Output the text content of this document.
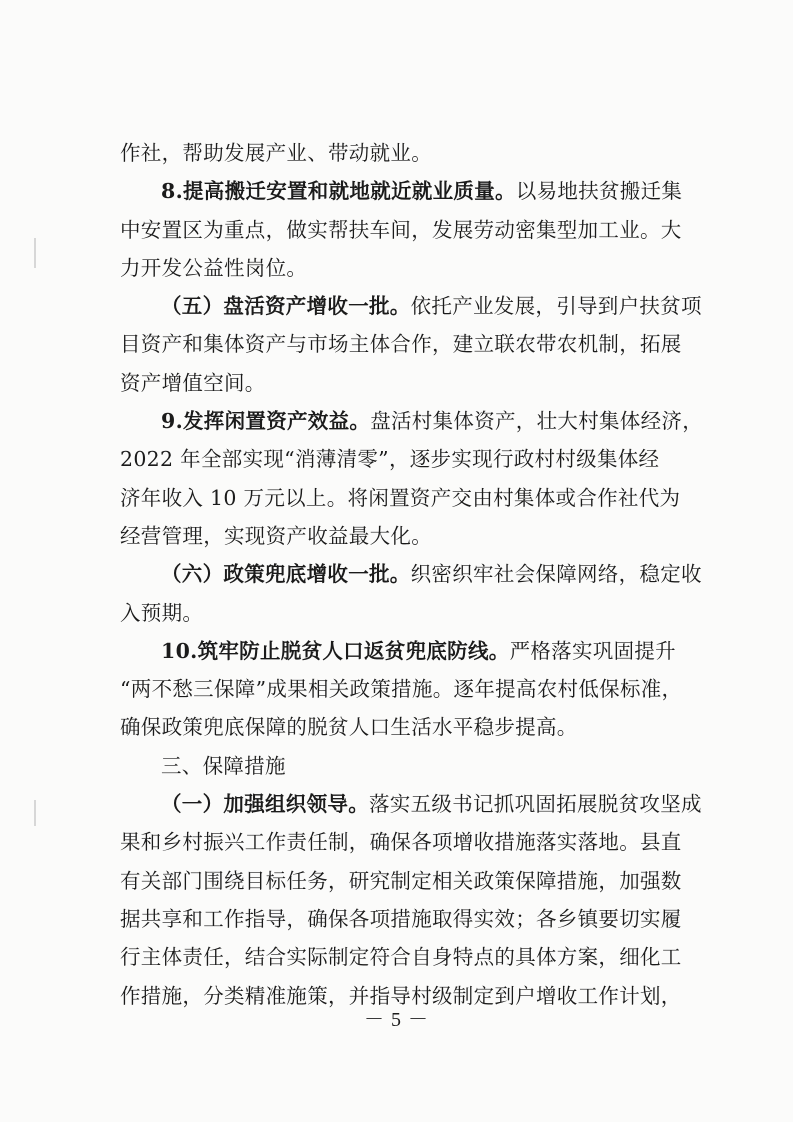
作社，帮助发展产业、带动就业。
8.提高搬迁安置和就地就近就业质量。以易地扶贫搬迁集
中安置区为重点，做实帮扶车间，发展劳动密集型加工业。大
力开发公益性岗位。
（五）盘活资产增收一批。依托产业发展，引导到户扶贫项
目资产和集体资产与市场主体合作，建立联农带农机制，拓展
资产增值空间。
9.发挥闲置资产效益。盘活村集体资产，壮大村集体经济，
2022 年全部实现“消薄清零”，逐步实现行政村村级集体经
济年收入 10 万元以上。将闲置资产交由村集体或合作社代为
经营管理，实现资产收益最大化。
（六）政策兜底增收一批。织密织牢社会保障网络，稳定收
入预期。
10.筑牢防止脱贫人口返贫兜底防线。严格落实巩固提升
“两不愁三保障”成果相关政策措施。逐年提高农村低保标准，
确保政策兜底保障的脱贫人口生活水平稳步提高。
三、保障措施
（一）加强组织领导。落实五级书记抓巩固拓展脱贫攻坚成
果和乡村振兴工作责任制，确保各项增收措施落实落地。县直
有关部门围绕目标任务，研究制定相关政策保障措施，加强数
据共享和工作指导，确保各项措施取得实效；各乡镇要切实履
行主体责任，结合实际制定符合自身特点的具体方案，细化工
作措施，分类精准施策，并指导村级制定到户增收工作计划，
－ 5 －
